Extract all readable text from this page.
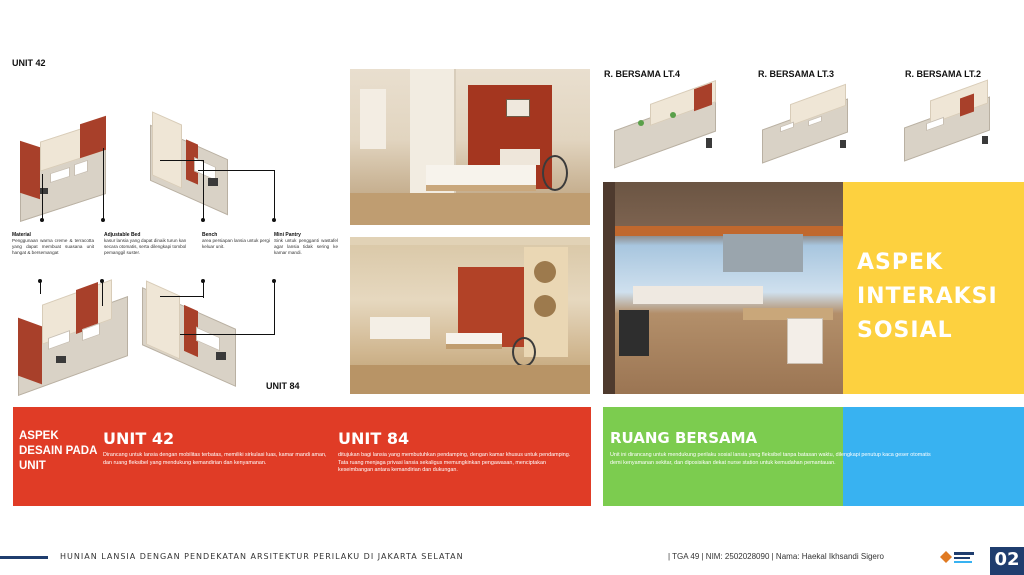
UNIT 42
Material
Penggunaan warna creme & terracotta yang dapat membuat suasana unit hangat & bersemangat
Adjustable Bed
kasur lansia yang dapat dinaik turun kan secara otomatis, serta dilengkapi tombol pemanggil suster.
Bench
area persiapan lansia untuk pergi keluar unit.
Mini Pantry
Sink untuk pengganti wastafel agar lansia tidak sering ke kamar mandi.
UNIT 84
R. BERSAMA LT.4	R. BERSAMA LT.3	R. BERSAMA LT.2
ASPEK INTERAKSI SOSIAL
ASPEK DESAIN PADA UNIT
UNIT 42
Dirancang untuk lansia dengan mobilitas terbatas, memiliki sirkulasi luas, kamar mandi aman, dan ruang fleksibel yang mendukung kemandirian dan kenyamanan.
UNIT 84
ditujukan bagi lansia yang membutuhkan pendamping, dengan kamar khusus untuk pendamping. Tata ruang menjaga privasi lansia sekaligus memungkinkan pengawasan, menciptakan keseimbangan antara kemandirian dan dukungan.
RUANG BERSAMA
Unit ini dirancang untuk mendukung perilaku sosial lansia yang fleksibel tanpa batasan waktu, dilengkapi penutup kaca geser otomatis demi kenyamanan sekitar, dan diposisikan dekat nurse station untuk kemudahan pemantauan.
HUNIAN LANSIA DENGAN PENDEKATAN ARSITEKTUR PERILAKU DI JAKARTA SELATAN	| TGA 49 | NIM: 2502028090 | Nama: Haekal Ikhsandi Sigero	02
